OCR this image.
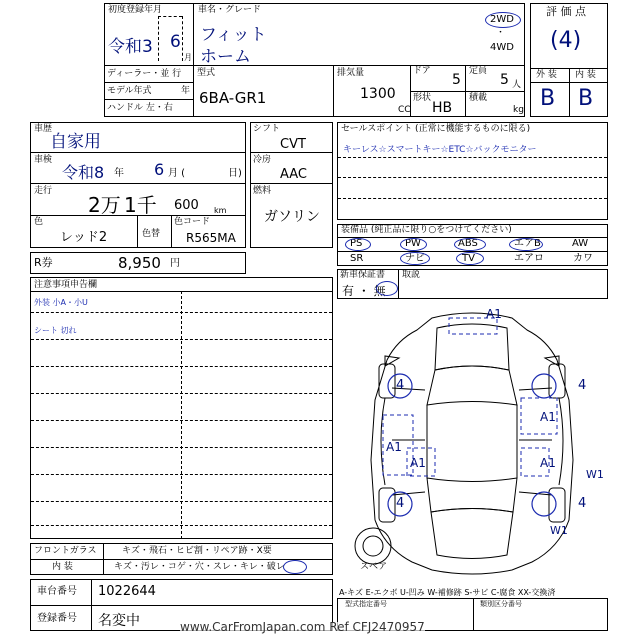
初度登録年月
令和3 6
月
車名・グレード
フィット
ホーム
2WD
・
4WD
ディーラー・並 行
モデル年式	年
ハンドル 左・右
型式
6BA-GR1
排気量
1300
CC
ドア
5
定員
5 人
形状
HB
積載
kg
評 価 点
(4)
外 装 内 装
B B
車歴
自家用
車検
令和8 年 6 月 (	日)
走行
2万 1千 600 km
色
レッド2	色替
色コード
R565MA
シフト
CVT
冷房
AAC
燃料
ガソリン
R券	8,950 円
セールスポイント (正常に機能するものに限る)
キーレス☆スマートキー☆ETC☆バックモニター
装備品 (純正品に限り○をつけてください)
PS	PW	ABS	エアB	AW
SR	ナビ	TV	エアロ	カワ
新車保証書
有 ・ 無
取説
注意事項申告欄
外装 小A・小U
シート 切れ
A1
4	4
A1
A1
A1	A1
4	4
W1
W1
スペア
フロントガラス	キズ・飛石・ヒビ割・リペア跡・X要
内 装	キズ・汚レ・コゲ・穴・スレ・キレ・破レ
A-キズ E-エクボ U-凹み W-補修跡 S-サビ C-腐食 XX-交換済
車台番号 1022644
登録番号 名変中
型式指定番号	類別区分番号
www.CarFromJapan.com Ref CFJ2470957
